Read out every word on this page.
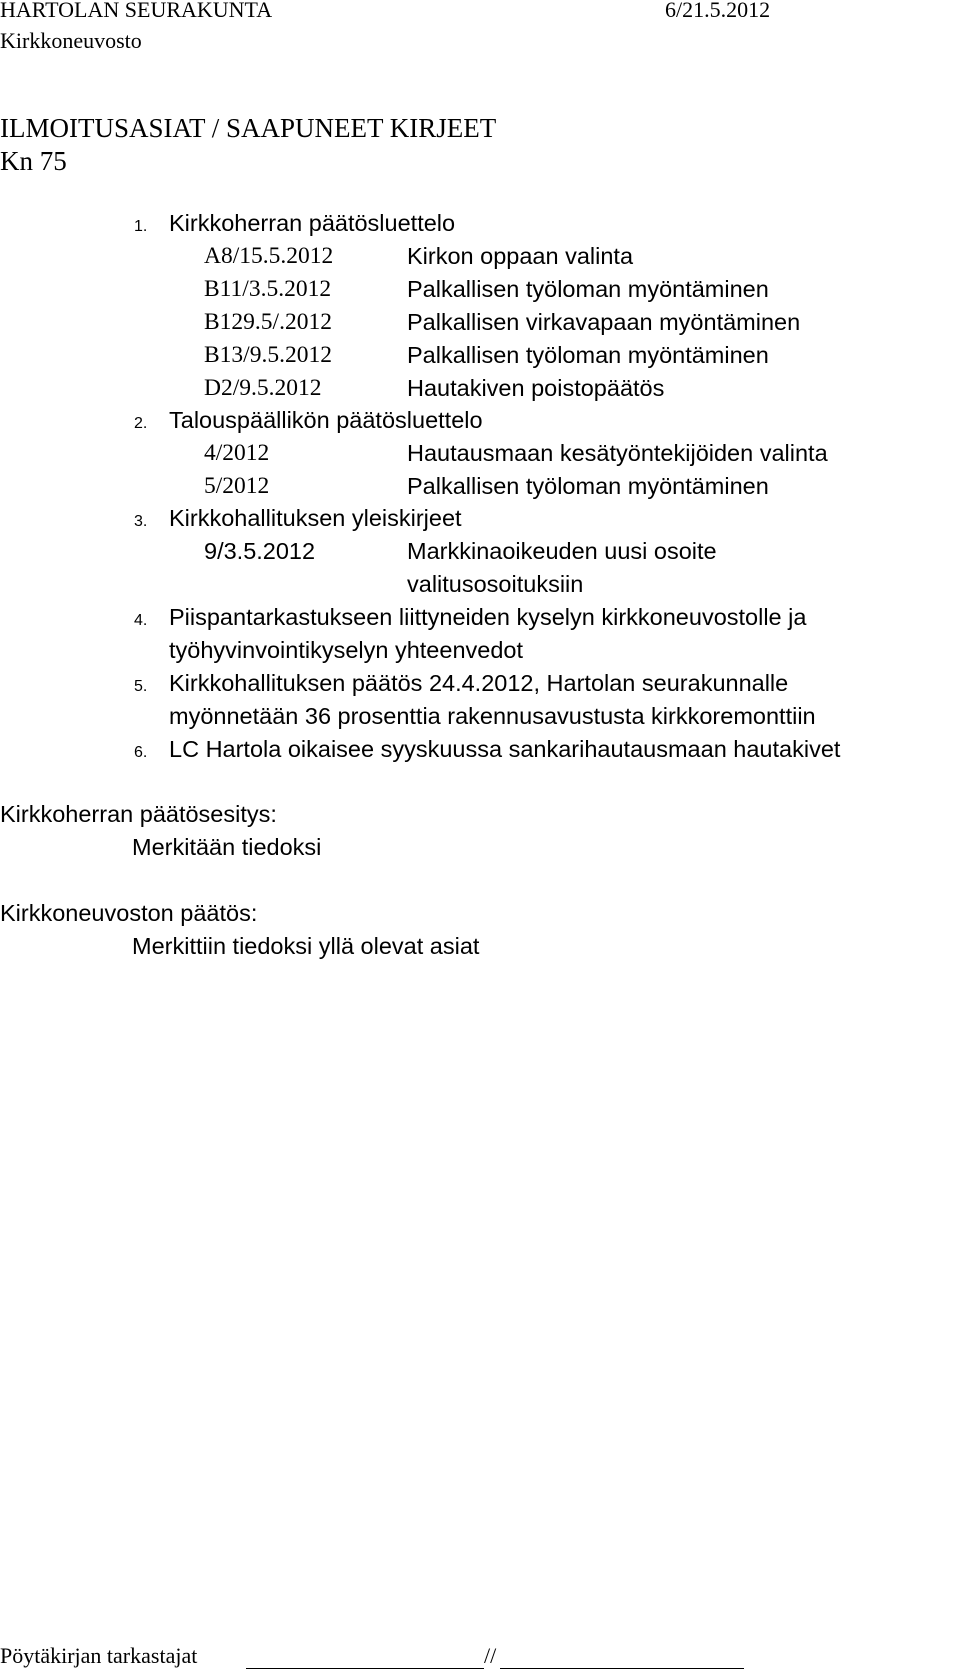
HARTOLAN SEURAKUNTA	6/21.5.2012
Kirkkoneuvosto
ILMOITUSASIAT / SAAPUNEET KIRJEET
Kn 75
1. Kirkkoherran päätösluettelo
A8/15.5.2012	Kirkon oppaan valinta
B11/3.5.2012	Palkallisen työloman myöntäminen
B129.5/.2012	Palkallisen virkavapaan myöntäminen
B13/9.5.2012	Palkallisen työloman myöntäminen
D2/9.5.2012	Hautakiven poistopäätös
2. Talouspäällikön päätösluettelo
4/2012	Hautausmaan kesätyöntekijöiden valinta
5/2012	Palkallisen työloman myöntäminen
3. Kirkkohallituksen yleiskirjeet
9/3.5.2012	Markkinaoikeuden uusi osoite
valitusosoituksiin
4. Piispantarkastukseen liittyneiden kyselyn kirkkoneuvostolle ja
työhyvinvointikyselyn yhteenvedot
5. Kirkkohallituksen päätös 24.4.2012, Hartolan seurakunnalle
myönnetään 36 prosenttia rakennusavustusta kirkkoremonttiin
6. LC Hartola oikaisee syyskuussa sankarihautausmaan hautakivet
Kirkkoherran päätösesitys:
Merkitään tiedoksi
Kirkkoneuvoston päätös:
Merkittiin tiedoksi yllä olevat asiat
Pöytäkirjan tarkastajat	//
